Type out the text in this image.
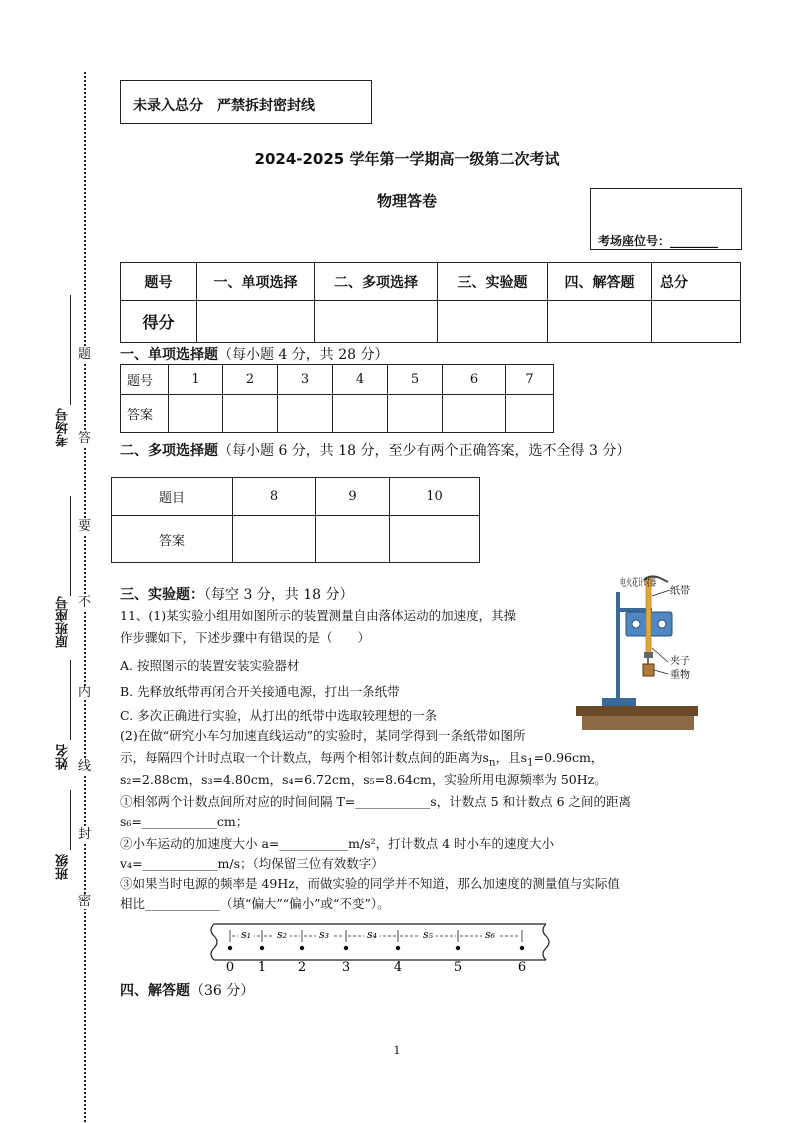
题
答
要
不
内
线
封
密
考场号
原班座号
姓名
班级
未录入总分　严禁拆封密封线
2024-2025 学年第一学期高一级第二次考试
物理答卷
考场座位号：________
题号	一、单项选择	二、多项选择	三、实验题	四、解答题	总分
得分					
一、单项选择题（每小题 4 分，共 28 分）
题号	1	2	3	4	5	6	7
答案							
二、多项选择题（每小题 6 分，共 18 分，至少有两个正确答案，选不全得 3 分）
题目	8	9	10
答案			
三、实验题：（每空 3 分，共 18 分）
11、(1)某实验小组用如图所示的装置测量自由落体运动的加速度，其操
作步骤如下，下述步骤中有错误的是（　　）
A. 按照图示的装置安装实验器材
B. 先释放纸带再闭合开关接通电源，打出一条纸带
C. 多次正确进行实验，从打出的纸带中选取较理想的一条
(2)在做“研究小车匀加速直线运动”的实验时，某同学得到一条纸带如图所
示，每隔四个计时点取一个计数点，每两个相邻计数点间的距离为$s_n$，且$s_1=0.96cm$，
s₂=2.88cm，s₃=4.80cm，s₄=6.72cm，s₅=8.64cm，实验所用电源频率为 50Hz。
①相邻两个计数点间所对应的时间间隔 T=____________s，计数点 5 和计数点 6 之间的距离
s₆=____________cm；
②小车运动的加速度大小 a=___________m/s²，打计数点 4 时小车的速度大小
v₄=____________m/s；（均保留三位有效数字）
③如果当时电源的频率是 49Hz，而做实验的同学并不知道，那么加速度的测量值与实际值
相比____________（填“偏大”“偏小”或“不变”）。
电火花计时器
纸带
夹子
重物
0 1 2	3	4	5	6
s₁ s₂	s₃	s₄	s₅	s₆
四、解答题（36 分）
1
